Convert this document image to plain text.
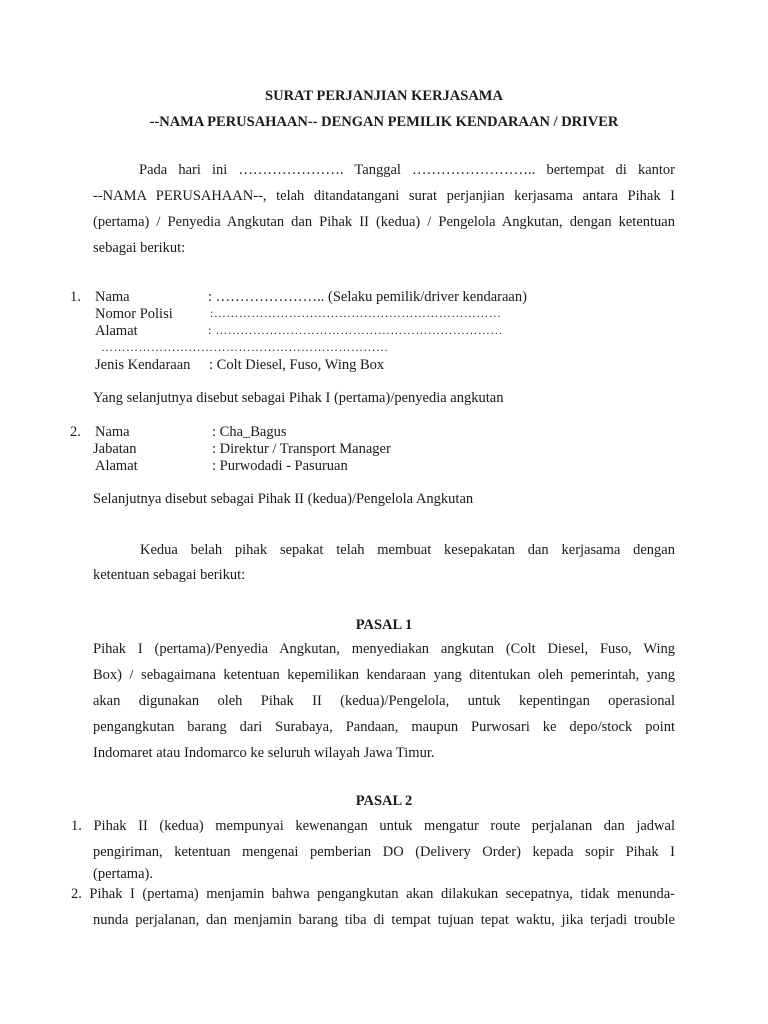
SURAT PERJANJIAN KERJASAMA
--NAMA PERUSAHAAN-- DENGAN PEMILIK KENDARAAN / DRIVER
Pada hari ini …………………. Tanggal …………………….. bertempat di kantor
--NAMA PERUSAHAAN--, telah ditandatangani surat perjanjian kerjasama antara Pihak I
(pertama) / Penyedia Angkutan dan Pihak II (kedua) / Pengelola Angkutan, dengan ketentuan
sebagai berikut:
1. Nama	: ………………….. (Selaku pemilik/driver kendaraan)
Nomor Polisi	:……………………………………………………………
Alamat	: ……………………………………………………………
……………………………………………………………
Jenis Kendaraan : Colt Diesel, Fuso, Wing Box
Yang selanjutnya disebut sebagai Pihak I (pertama)/penyedia angkutan
2. Nama	: Cha_Bagus
Jabatan	: Direktur / Transport Manager
Alamat	: Purwodadi - Pasuruan
Selanjutnya disebut sebagai Pihak II (kedua)/Pengelola Angkutan
Kedua belah pihak sepakat telah membuat kesepakatan dan kerjasama dengan
ketentuan sebagai berikut:
PASAL 1
Pihak I (pertama)/Penyedia Angkutan, menyediakan angkutan (Colt Diesel, Fuso, Wing
Box) / sebagaimana ketentuan kepemilikan kendaraan yang ditentukan oleh pemerintah, yang
akan digunakan oleh Pihak II (kedua)/Pengelola, untuk kepentingan operasional
pengangkutan barang dari Surabaya, Pandaan, maupun Purwosari ke depo/stock point
Indomaret atau Indomarco ke seluruh wilayah Jawa Timur.
PASAL 2
1. Pihak II (kedua) mempunyai kewenangan untuk mengatur route perjalanan dan jadwal
pengiriman, ketentuan mengenai pemberian DO (Delivery Order) kepada sopir Pihak I
(pertama).
2. Pihak I (pertama) menjamin bahwa pengangkutan akan dilakukan secepatnya, tidak menunda-
nunda perjalanan, dan menjamin barang tiba di tempat tujuan tepat waktu, jika terjadi trouble
